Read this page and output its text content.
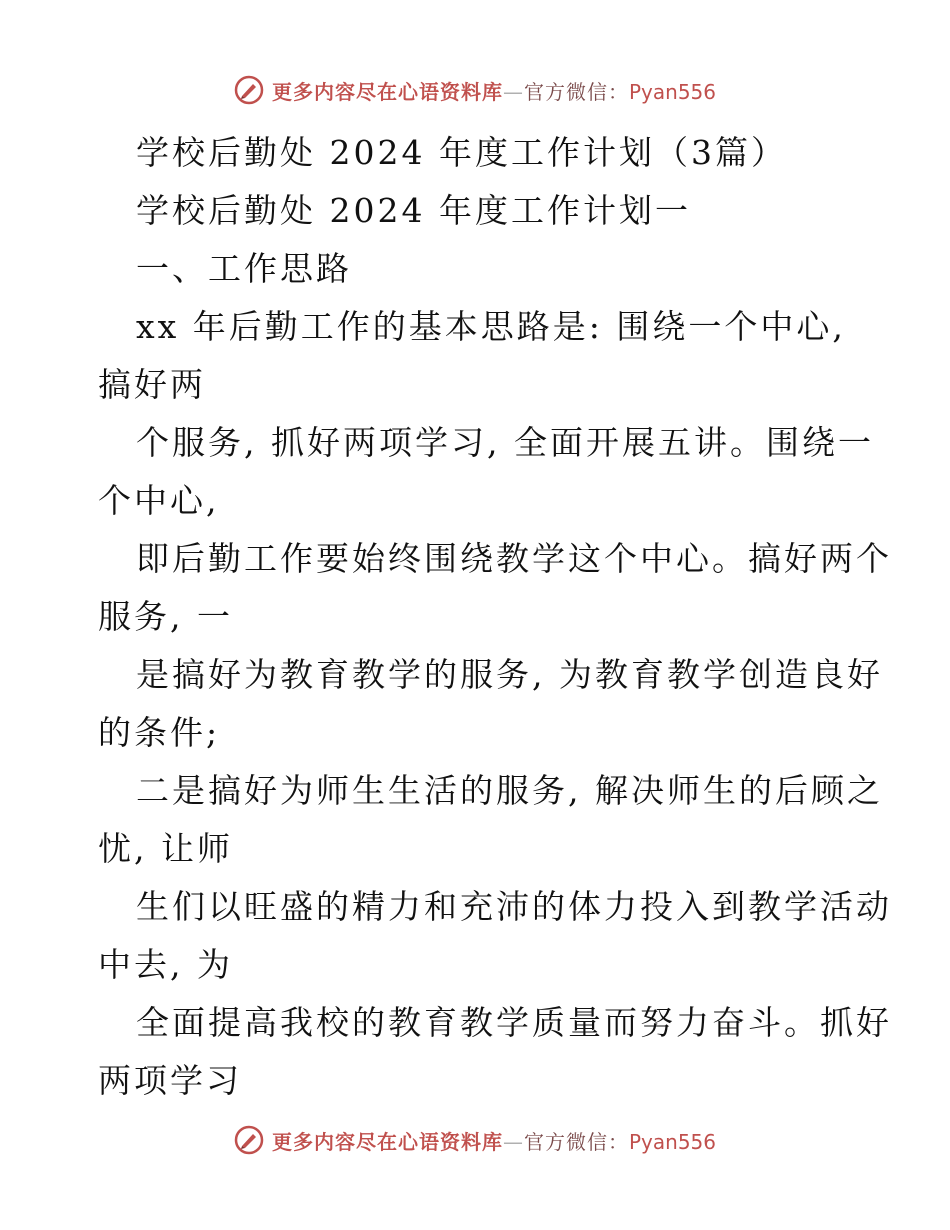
更多内容尽在心语资料库—官方微信：Pyan556
学校后勤处 2024 年度工作计划（3篇）
学校后勤处 2024 年度工作计划一
一、工作思路
xx 年后勤工作的基本思路是: 围绕一个中心,
搞好两
个服务, 抓好两项学习, 全面开展五讲。围绕一
个中心,
即后勤工作要始终围绕教学这个中心。搞好两个
服务, 一
是搞好为教育教学的服务, 为教育教学创造良好
的条件;
二是搞好为师生生活的服务, 解决师生的后顾之
忧, 让师
生们以旺盛的精力和充沛的体力投入到教学活动
中去, 为
全面提高我校的教育教学质量而努力奋斗。抓好
两项学习
更多内容尽在心语资料库—官方微信：Pyan556
